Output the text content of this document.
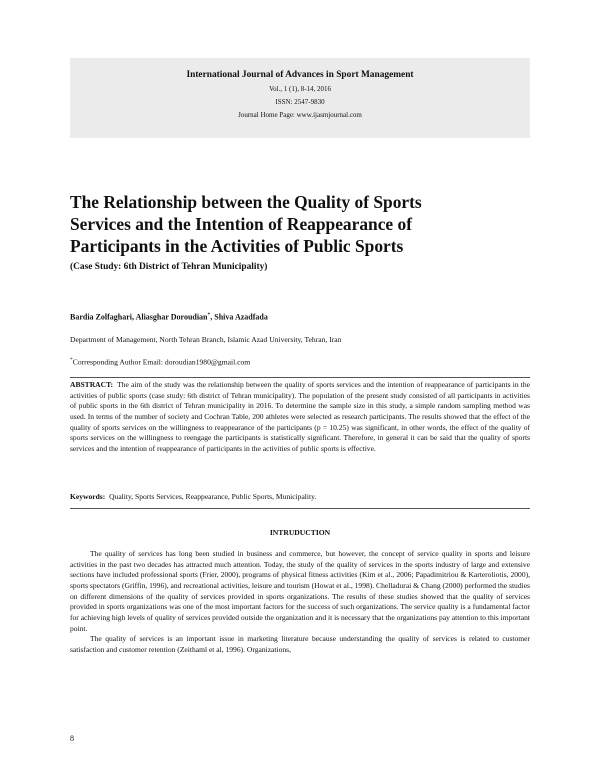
International Journal of Advances in Sport Management
Vol., 1 (1), 8-14, 2016
ISSN: 2547-9830
Journal Home Page: www.ijasmjournal.com
The Relationship between the Quality of Sports
Services and the Intention of Reappearance of
Participants in the Activities of Public Sports
(Case Study: 6th District of Tehran Municipality)
Bardia Zolfaghari, Aliasghar Doroudian*, Shiva Azadfada
Department of Management, North Tehran Branch, Islamic Azad University, Tehran, Iran
*Corresponding Author Email: doroudian1980@gmail.com
ABSTRACT: The aim of the study was the relationship between the quality of sports services and the intention of reappearance of participants in the activities of public sports (case study: 6th district of Tehran municipality). The population of the present study consisted of all participants in activities of public sports in the 6th district of Tehran municipality in 2016. To determine the sample size in this study, a simple random sampling method was used. In terms of the number of society and Cochran Table, 200 athletes were selected as research participants. The results showed that the effect of the quality of sports services on the willingness to reappearance of the participants (p = 10.25) was significant, in other words, the effect of the quality of sports services on the willingness to reengage the participants is statistically significant. Therefore, in general it can be said that the quality of sports services and the intention of reappearance of participants in the activities of public sports is effective.
Keywords: Quality, Sports Services, Reappearance, Public Sports, Municipality.
INTRUDUCTION

The quality of services has long been studied in business and commerce, but however, the concept of service quality in sports and leisure activities in the past two decades has attracted much attention. Today, the study of the quality of services in the sports industry of large and extensive sections have included professional sports (Frier, 2000), programs of physical fitness activities (Kim et al., 2006; Papadimitriou & Karteroliotis, 2000), sports spectators (Griffin, 1996), and recreational activities, leisure and tourism (Howat et al., 1998). Chelladurai & Chang (2000) performed the studies on different dimensions of the quality of services provided in sports organizations. The results of these studies showed that the quality of services provided in sports organizations was one of the most important factors for the success of such organizations. The service quality is a fundamental factor for achieving high levels of quality of services provided outside the organization and it is necessary that the organizations pay attention to this important point.

The quality of services is an important issue in marketing literature because understanding the quality of services is related to customer satisfaction and customer retention (Zeithaml et al, 1996). Organizations,

8
